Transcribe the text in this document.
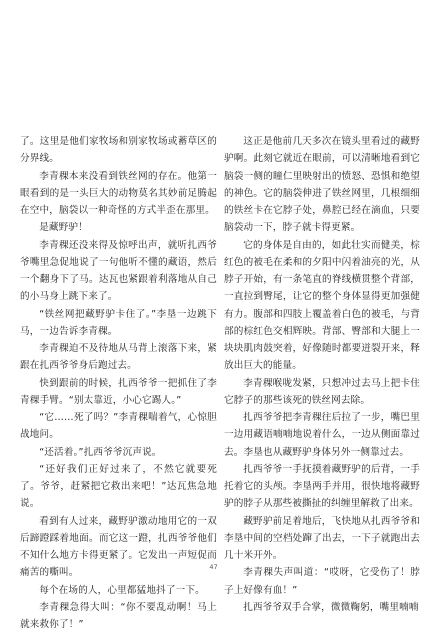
了。这里是他们家牧场和别家牧场或蓄草区的分界线。

李青稞本来没看到铁丝网的存在。他第一眼看到的是一头巨大的动物莫名其妙前足腾起在空中，脑袋以一种奇怪的方式半歪在那里。

是藏野驴！

李青稞还没来得及惊呼出声，就听扎西爷爷嘴里急促地说了一句他听不懂的藏语，然后一个翻身下了马。达瓦也紧跟着利落地从自己的小马身上跳下来了。

“铁丝网把藏野驴卡住了。”李垦一边跳下马，一边告诉李青稞。

李青稞迫不及待地从马背上滚落下来，紧跟在扎西爷爷身后跑过去。

快到跟前的时候，扎西爷爷一把抓住了李青稞手臂。“别太靠近，小心它踢人。”

“它……死了吗？”李青稞喘着气，心惊胆战地问。

“还活着。”扎西爷爷沉声说。

“还好我们正好过来了，不然它就要死了。爷爷，赶紧把它救出来吧！”达瓦焦急地说。

看到有人过来，藏野驴激动地用它的一双后蹄蹬踩着地面。而它这一蹬，扎西爷爷他们不知什么地方卡得更紧了。它发出一声短促而痛苦的嘶叫。

每个在场的人，心里都猛地抖了一下。

李青稞急得大叫：“你不要乱动啊！马上就来救你了！”

这正是他前几天多次在镜头里看过的藏野驴啊。此刻它就近在眼前，可以清晰地看到它脑袋一侧的瞳仁里映射出的愤怒、恐惧和绝望的神色。它的脑袋伸进了铁丝网里，几根细细的铁丝卡在它脖子处，鼻腔已经在滴血，只要脑袋动一下，脖子就卡得更紧。

它的身体是自由的，如此壮实而健美，棕红色的被毛在柔和的夕阳中闪着油亮的光，从脖子开始，有一条笔直的脊线横贯整个背部，一直拉到臀尾，让它的整个身体显得更加强健有力。腹部和四肢上覆盖着白色的被毛，与背部的棕红色交相辉映。背部、臀部和大腿上一块块肌肉鼓突着，好像随时都要迸裂开来，释放出巨大的能量。

李青稞喉咙发紧，只想冲过去马上把卡住它脖子的那些该死的铁丝网去除。

扎西爷爷把李青稞往后拉了一步，嘴巴里一边用藏语喃喃地说着什么，一边从侧面靠过去。李垦也从藏野驴身体另外一侧靠过去。

扎西爷爷一手抚摸着藏野驴的后背，一手托着它的头颅。李垦两手并用，很快地将藏野驴的脖子从那些被撕扯的纠缠里解救了出来。

藏野驴前足着地后，飞快地从扎西爷爷和李垦中间的空档处蹿了出去，一下子就跑出去几十米开外。

李青稞失声叫道：“哎呀，它受伤了！脖子上好像有血！”

扎西爷爷双手合掌，微微鞠躬，嘴里喃喃

47
